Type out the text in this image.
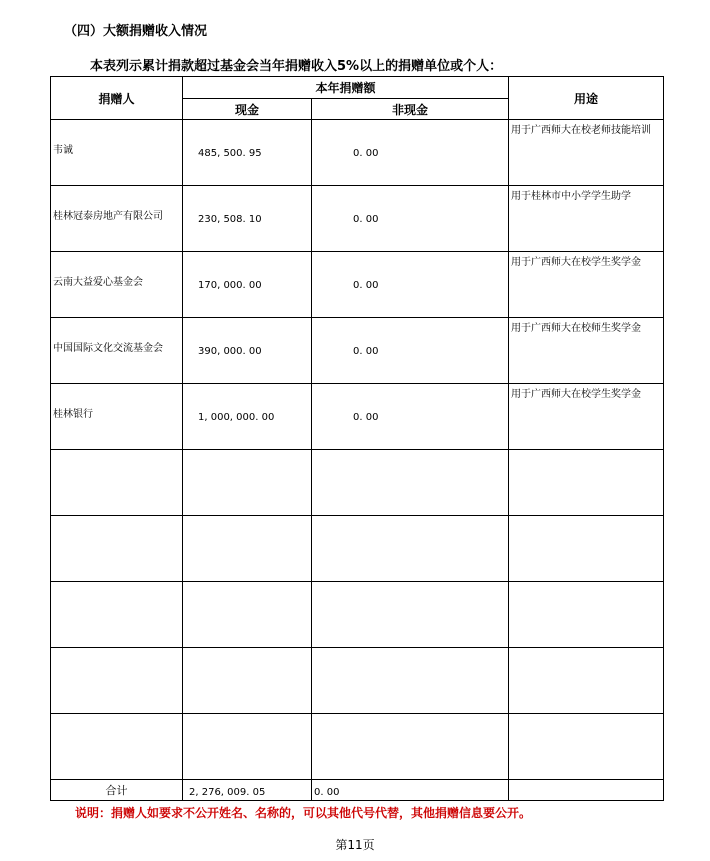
（四）大额捐赠收入情况
本表列示累计捐款超过基金会当年捐赠收入5%以上的捐赠单位或个人：
捐赠人	本年捐赠额		用途
	现金	非现金	

韦诚	485, 500. 95	0. 00	用于广西师大在校老师技能培训

桂林冠泰房地产有限公司	230, 508. 10	0. 00	用于桂林市中小学学生助学

云南大益爱心基金会	170, 000. 00	0. 00	用于广西师大在校学生奖学金

中国国际文化交流基金会	390, 000. 00	0. 00	用于广西师大在校师生奖学金

桂林银行	1, 000, 000. 00	0. 00	用于广西师大在校学生奖学金

合计	2, 276, 009. 05	0. 00	
说明：捐赠人如要求不公开姓名、名称的，可以其他代号代替，其他捐赠信息要公开。
第11页
